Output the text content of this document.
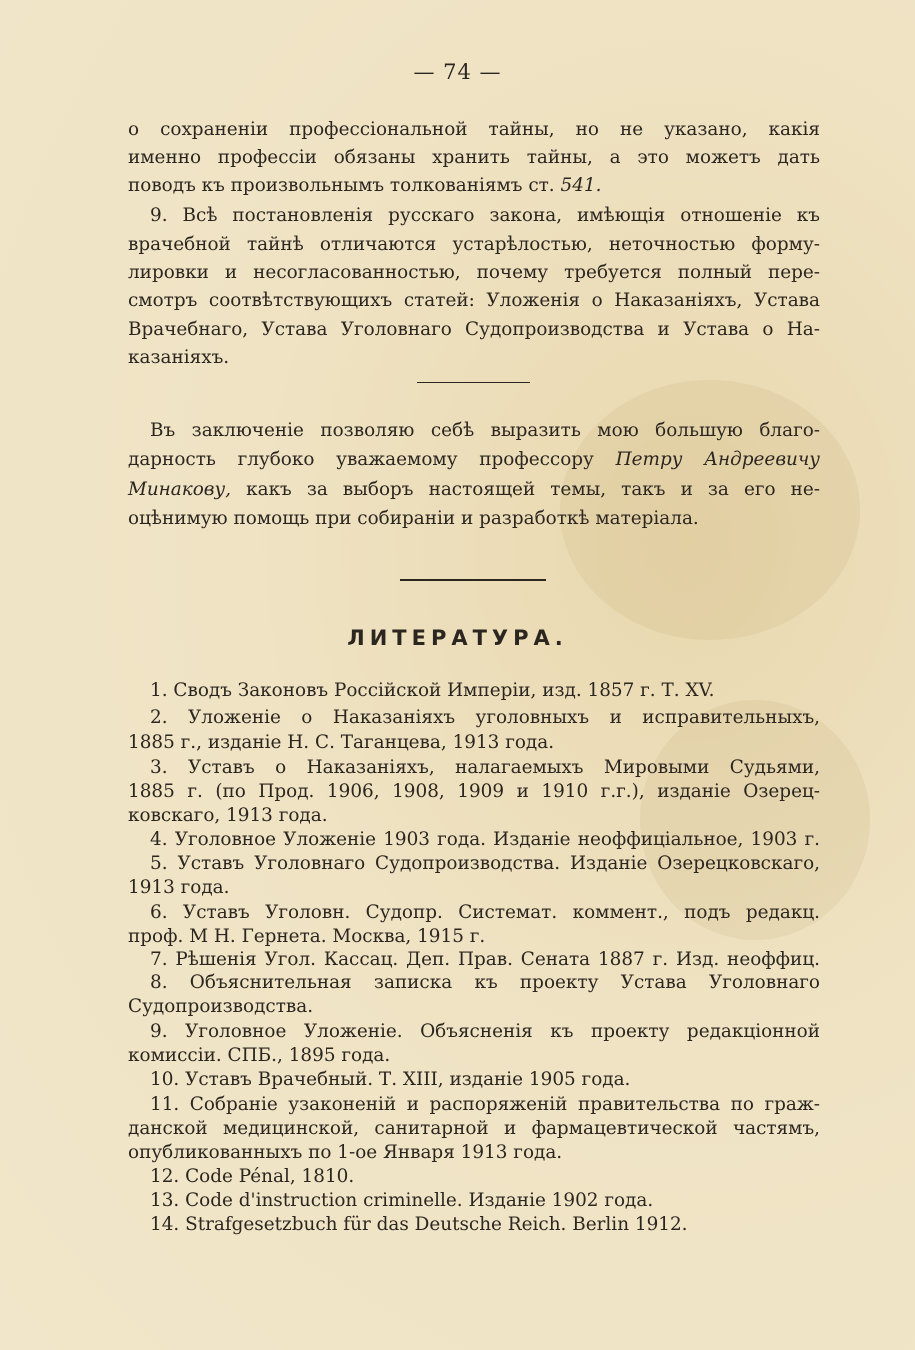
— 74 —
о сохраненіи профессіональной тайны, но не указано, какія
именно профессіи обязаны хранить тайны, а это можетъ дать
поводъ къ произвольнымъ толкованіямъ ст. 541.
9. Всѣ постановленія русскаго закона, имѣющія отношеніе къ
врачебной тайнѣ отличаются устарѣлостью, неточностью форму-
лировки и несогласованностью, почему требуется полный пере-
смотръ соотвѣтствующихъ статей: Уложенія о Наказаніяхъ, Устава
Врачебнаго, Устава Уголовнаго Судопроизводства и Устава о На-
казаніяхъ.
Въ заключеніе позволяю себѣ выразить мою большую благо-
дарность глубоко уважаемому профессору Петру Андреевичу
Минакову, какъ за выборъ настоящей темы, такъ и за его не-
оцѣнимую помощь при собираніи и разработкѣ матеріала.
ЛИТЕРАТУРА.
1. Сводъ Законовъ Россійской Имперіи, изд. 1857 г. Т. XV.
2. Уложеніе о Наказаніяхъ уголовныхъ и исправительныхъ,
1885 г., изданіе Н. С. Таганцева, 1913 года.
3. Уставъ о Наказаніяхъ, налагаемыхъ Мировыми Судьями,
1885 г. (по Прод. 1906, 1908, 1909 и 1910 г.г.), изданіе Озерец-
ковскаго, 1913 года.
4. Уголовное Уложеніе 1903 года. Изданіе неоффиціальное, 1903 г.
5. Уставъ Уголовнаго Судопроизводства. Изданіе Озерецковскаго,
1913 года.
6. Уставъ Уголовн. Судопр. Системат. коммент., подъ редакц.
проф. М Н. Гернета. Москва, 1915 г.
7. Рѣшенія Угол. Кассац. Деп. Прав. Сената 1887 г. Изд. неоффиц.
8. Объяснительная записка къ проекту Устава Уголовнаго
Судопроизводства.
9. Уголовное Уложеніе. Объясненія къ проекту редакціонной
комиссіи. СПБ., 1895 года.
10. Уставъ Врачебный. Т. XIII, изданіе 1905 года.
11. Собраніе узаконеній и распоряженій правительства по граж-
данской медицинской, санитарной и фармацевтической частямъ,
опубликованныхъ по 1-ое Января 1913 года.
12. Code Pénal, 1810.
13. Code d'instruction criminelle. Изданіе 1902 года.
14. Strafgesetzbuch für das Deutsche Reich. Berlin 1912.
